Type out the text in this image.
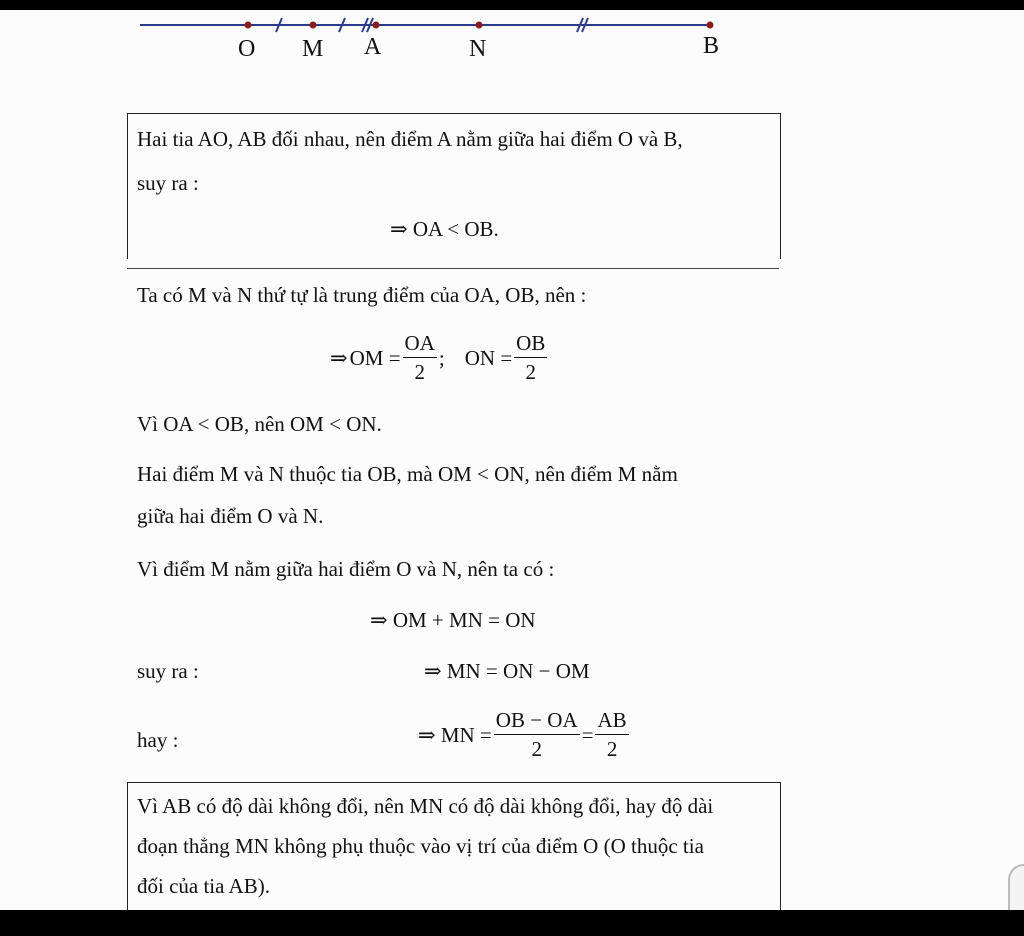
O M A	N	B
Hai tia AO, AB đối nhau, nên điểm A nằm giữa hai điểm O và B,
suy ra :
⇒ OA < OB.
Ta có M và N thứ tự là trung điểm của OA, OB, nên :
⇒ OM = $\frac{OA}{2}$ ; ON = $\frac{OB}{2}$
Vì OA < OB, nên OM < ON.
Hai điểm M và N thuộc tia OB, mà OM < ON, nên điểm M nằm
giữa hai điểm O và N.
Vì điểm M nằm giữa hai điểm O và N, nên ta có :
⇒ OM + MN = ON
suy ra :	⇒ MN = ON − OM
hay :	⇒ MN = $\frac{OB - OA}{2} = \frac{AB}{2}$
Vì AB có độ dài không đổi, nên MN có độ dài không đổi, hay độ dài
đoạn thẳng MN không phụ thuộc vào vị trí của điểm O (O thuộc tia
đối của tia AB).
